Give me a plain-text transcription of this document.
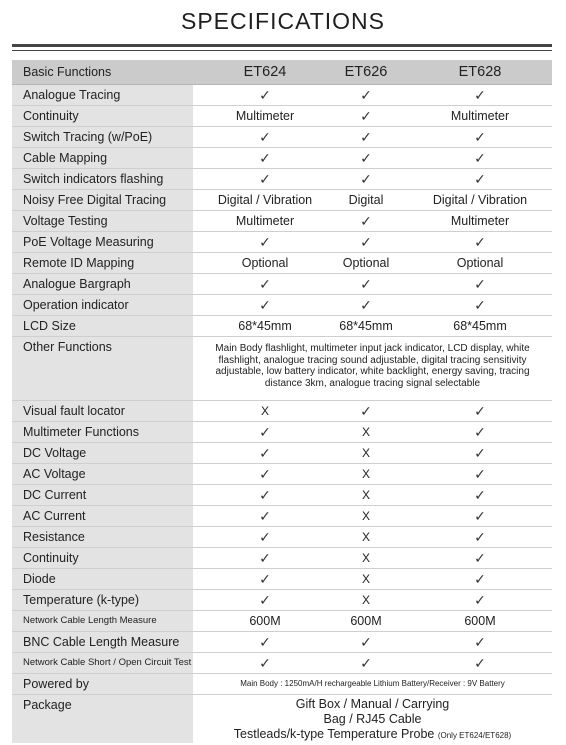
SPECIFICATIONS
Basic Functions	ET624	ET626	ET628
Analogue Tracing	✓	✓	✓
Continuity	Multimeter	✓	Multimeter
Switch Tracing (w/PoE)	✓	✓	✓
Cable Mapping	✓	✓	✓
Switch indicators flashing	✓	✓	✓
Noisy Free Digital Tracing	Digital / Vibration	Digital	Digital / Vibration
Voltage Testing	Multimeter	✓	Multimeter
PoE Voltage Measuring	✓	✓	✓
Remote ID Mapping	Optional	Optional	Optional
Analogue Bargraph	✓	✓	✓
Operation indicator	✓	✓	✓
LCD Size	68*45mm	68*45mm	68*45mm
Other Functions	Main Body flashlight, multimeter input jack indicator, LCD display, white flashlight, analogue tracing sound adjustable, digital tracing sensitivity adjustable, low battery indicator, white backlight, energy saving, tracing distance 3km, analogue tracing signal selectable
Visual fault locator	X	✓	✓
Multimeter Functions	✓	X	✓
DC Voltage	✓	X	✓
AC Voltage	✓	X	✓
DC Current	✓	X	✓
AC Current	✓	X	✓
Resistance	✓	X	✓
Continuity	✓	X	✓
Diode	✓	X	✓
Temperature (k-type)	✓	X	✓
Network Cable Length Measure	600M	600M	600M
BNC Cable Length Measure	✓	✓	✓
Network Cable Short / Open Circuit Test	✓	✓	✓
Powered by	Main Body : 1250mA/H rechargeable Lithium Battery/Receiver : 9V Battery
Package	Gift Box / Manual / Carrying
Bag / RJ45 Cable
Testleads/k-type Temperature Probe (Only ET624/ET628)
